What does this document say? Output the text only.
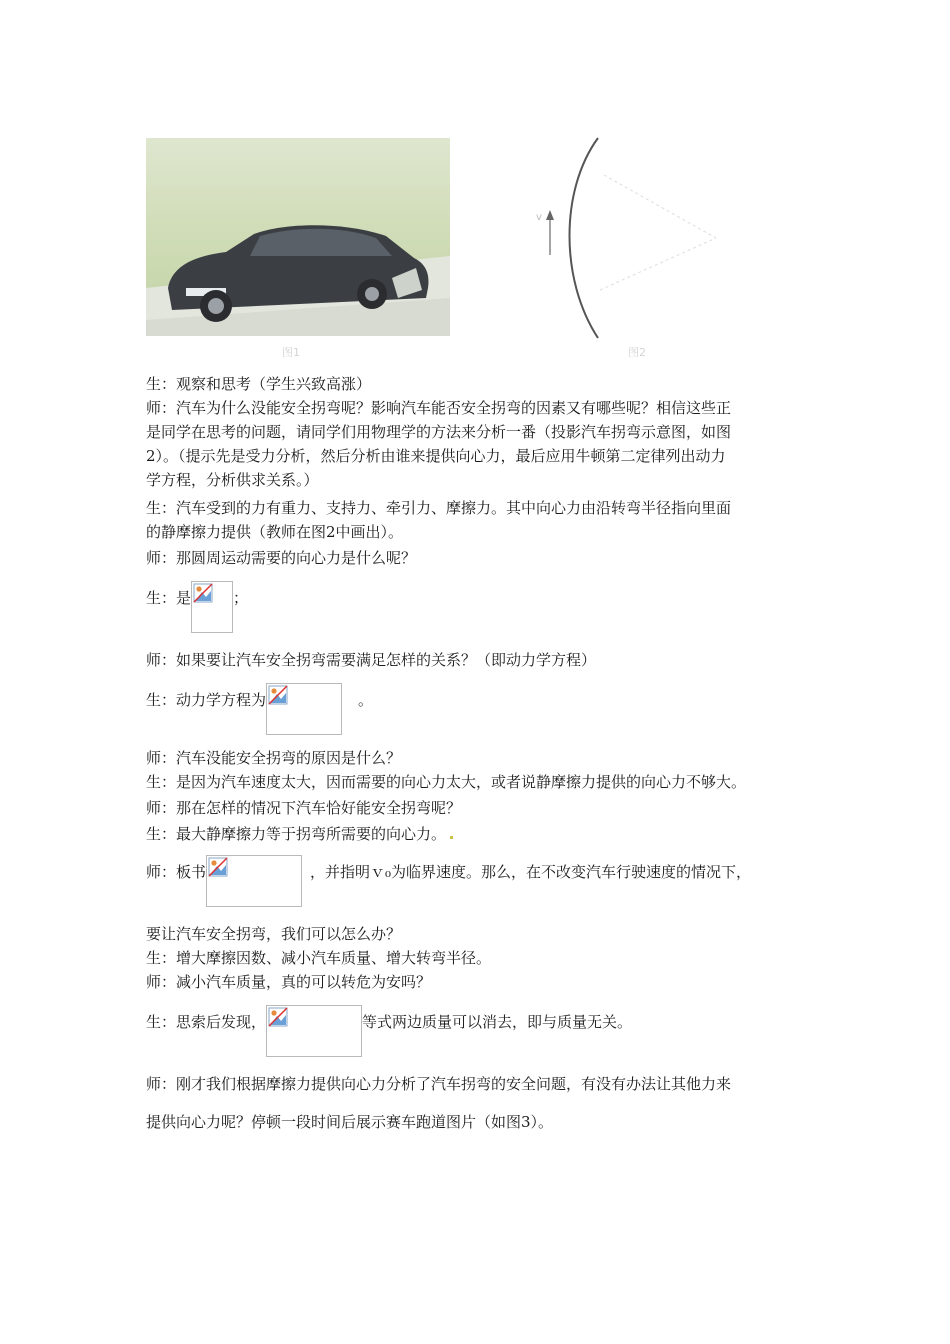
图1
v
图2
生：观察和思考（学生兴致高涨）
师：汽车为什么没能安全拐弯呢？影响汽车能否安全拐弯的因素又有哪些呢？相信这些正
是同学在思考的问题，请同学们用物理学的方法来分析一番（投影汽车拐弯示意图，如图
2）。（提示先是受力分析，然后分析由谁来提供向心力，最后应用牛顿第二定律列出动力
学方程，分析供求关系。）
生：汽车受到的力有重力、支持力、牵引力、摩擦力。其中向心力由沿转弯半径指向里面
的静摩擦力提供（教师在图2中画出）。
师：那圆周运动需要的向心力是什么呢？
生：是	；
师：如果要让汽车安全拐弯需要满足怎样的关系？（即动力学方程）
生：动力学方程为	。
师：汽车没能安全拐弯的原因是什么？
生：是因为汽车速度太大，因而需要的向心力太大，或者说静摩擦力提供的向心力不够大。
师：那在怎样的情况下汽车恰好能安全拐弯呢？
生：最大静摩擦力等于拐弯所需要的向心力。
师：板书	，并指明ｖ₀为临界速度。那么，在不改变汽车行驶速度的情况下，
要让汽车安全拐弯，我们可以怎么办？
生：增大摩擦因数、减小汽车质量、增大转弯半径。
师：减小汽车质量，真的可以转危为安吗？
生：思索后发现，	等式两边质量可以消去，即与质量无关。
师：刚才我们根据摩擦力提供向心力分析了汽车拐弯的安全问题，有没有办法让其他力来
提供向心力呢？停顿一段时间后展示赛车跑道图片（如图3）。
